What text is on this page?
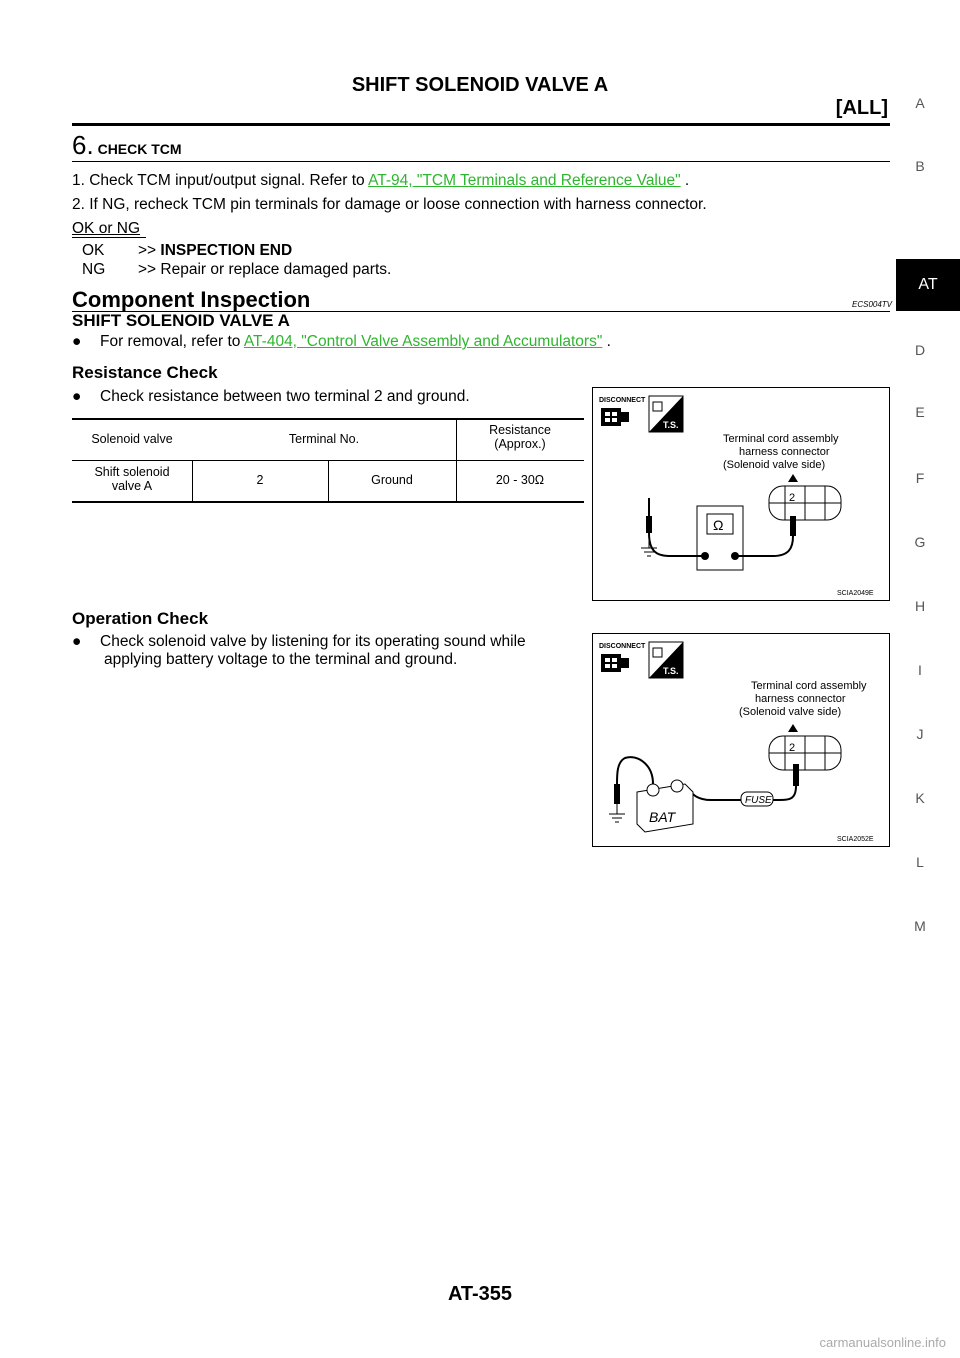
SHIFT SOLENOID VALVE A
[ALL]
6. CHECK TCM
1. Check TCM input/output signal. Refer to AT-94, "TCM Terminals and Reference Value" .
2. If NG, recheck TCM pin terminals for damage or loose connection with harness connector.
OK or NG
OK >> INSPECTION END
NG >> Repair or replace damaged parts.
Component Inspection	ECS004TV
SHIFT SOLENOID VALVE A
● For removal, refer to AT-404, "Control Valve Assembly and Accumulators" .
Resistance Check
● Check resistance between two terminal 2 and ground.
Solenoid valve	Terminal No.
Resistance
(Approx.)
Shift solenoid
valve A	2	Ground	20 - 30Ω
DISCONNECT
T.S.
Terminal cord assembly
harness connector
(Solenoid valve side)
2
Ω
SCIA2049E
Operation Check
● Check solenoid valve by listening for its operating sound while
applying battery voltage to the terminal and ground.
DISCONNECT
T.S.
Terminal cord assembly
harness connector
(Solenoid valve side)
2
FUSE
BAT
SCIA2052E
A
B
AT
D
E
F
G
H
I
J
K
L
M
AT-355
carmanualsonline.info
